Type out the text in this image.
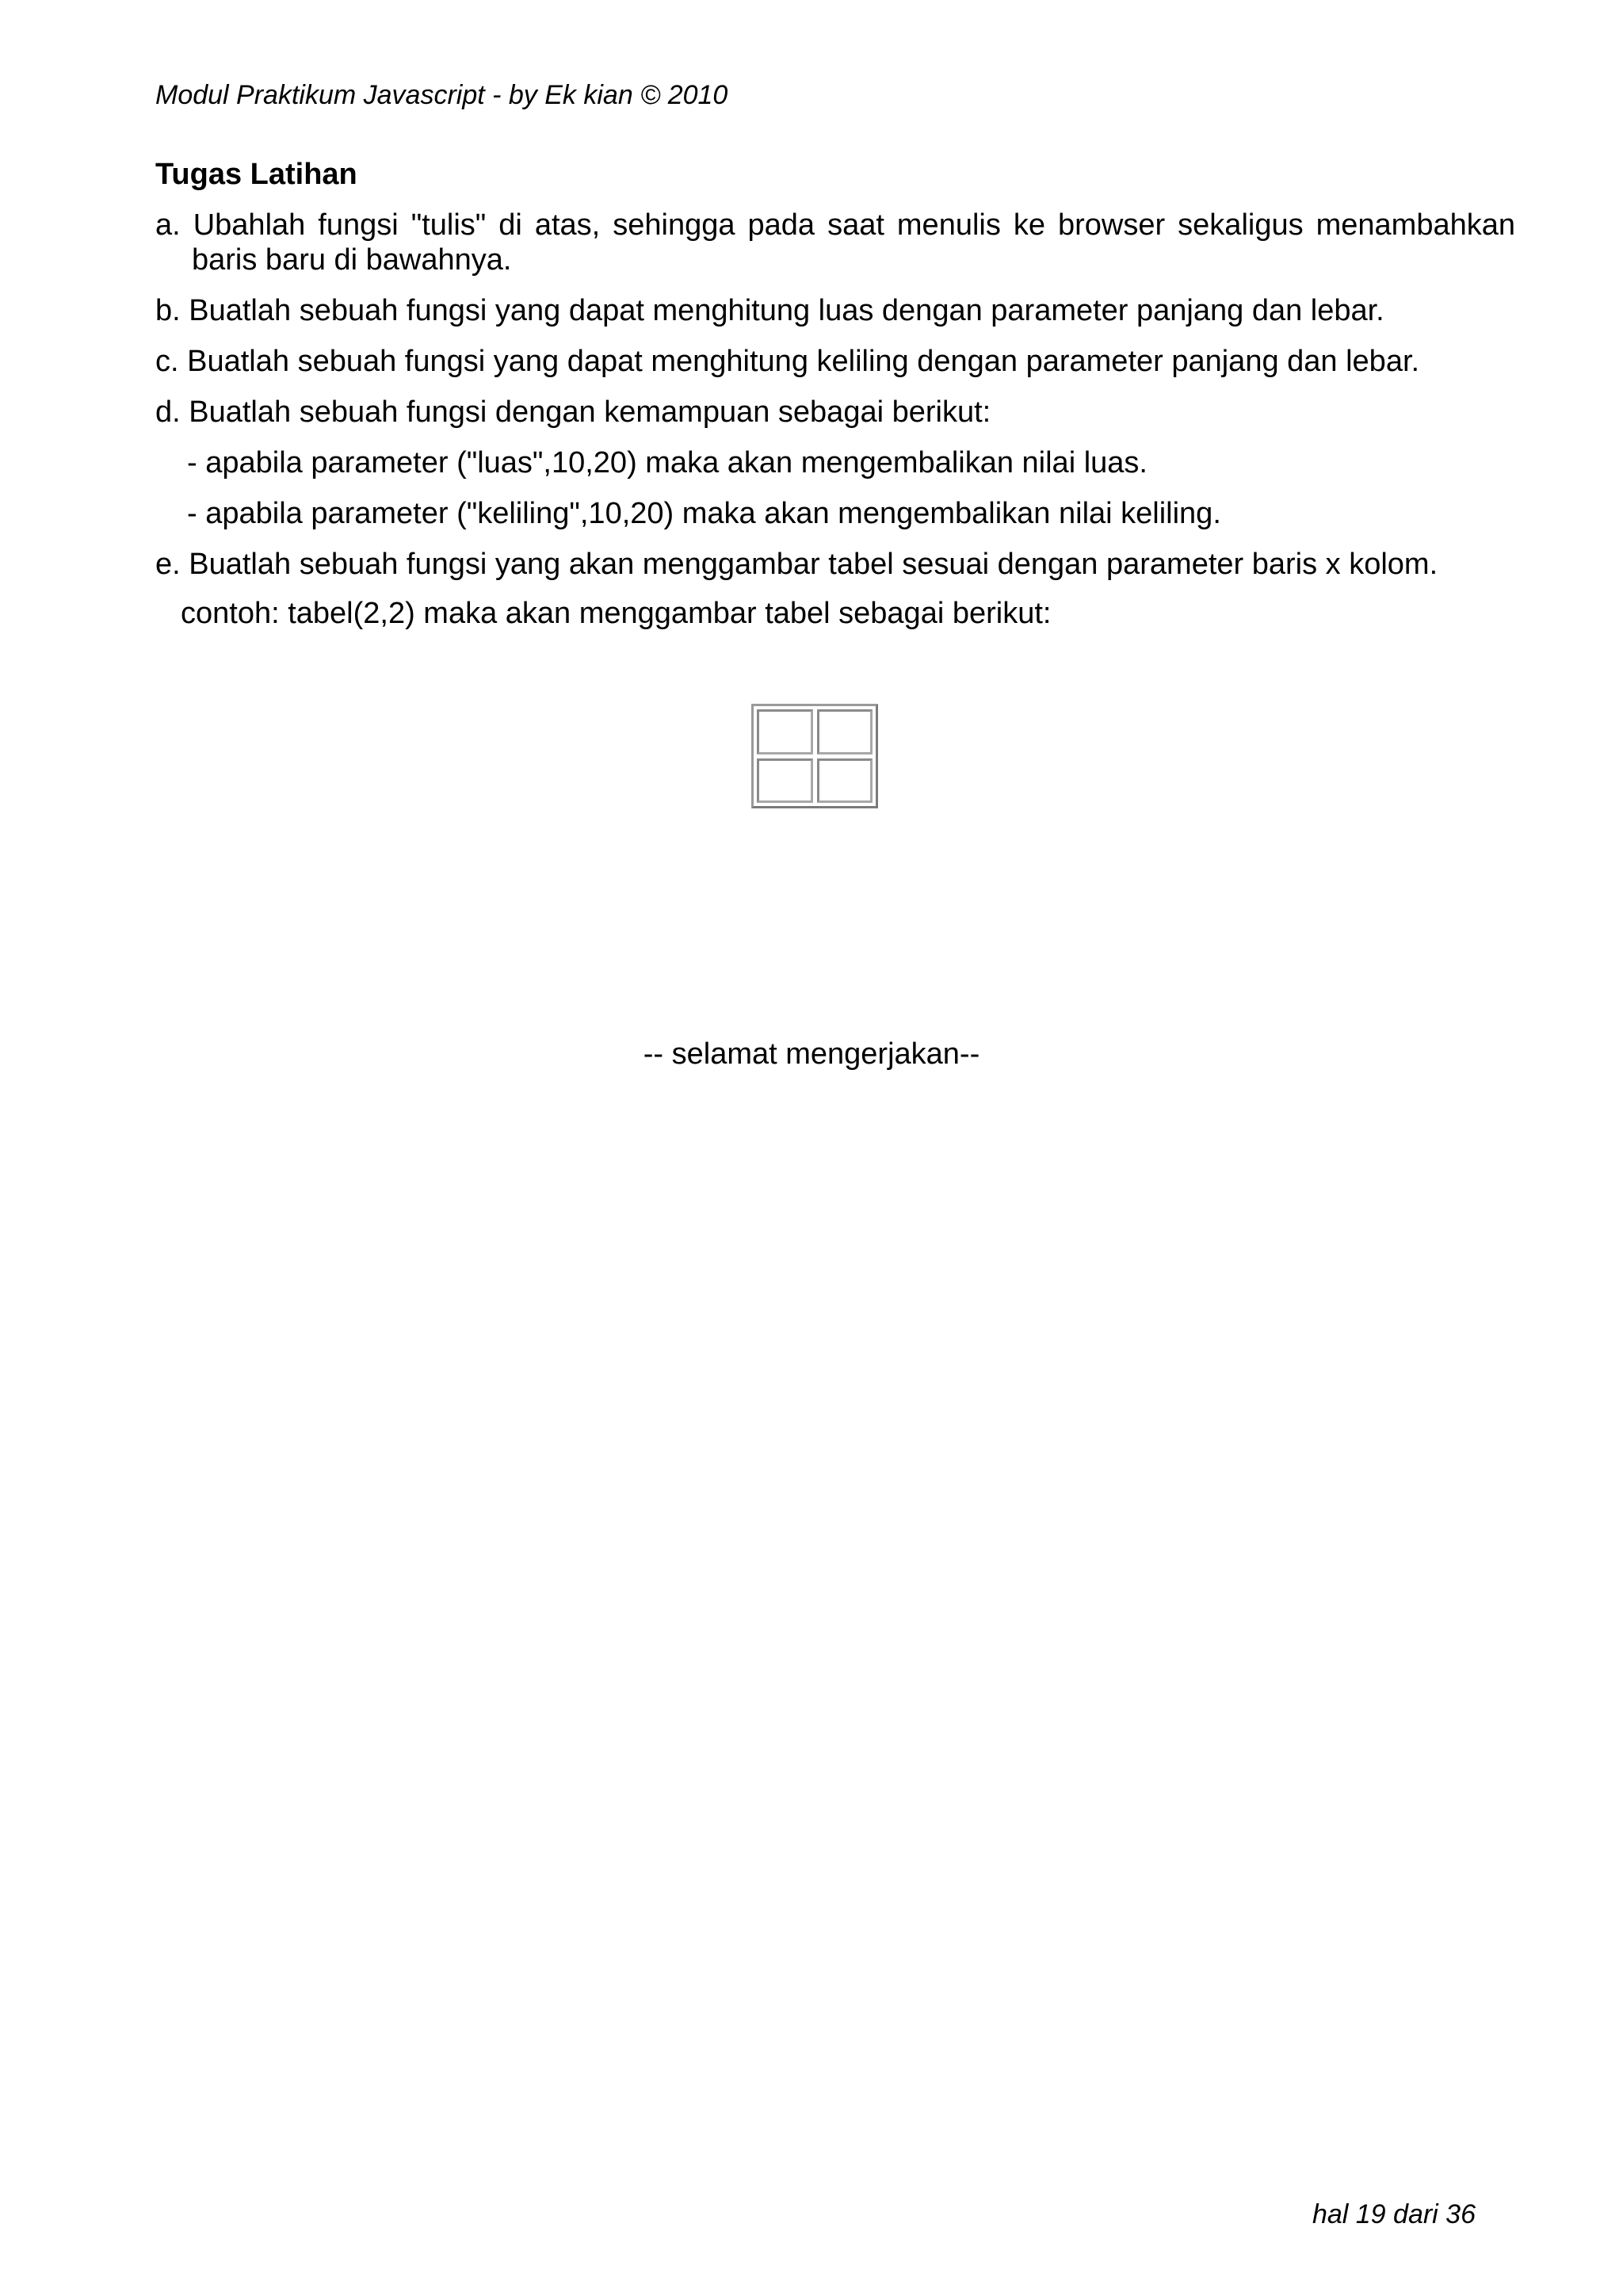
Modul Praktikum Javascript - by Ek kian © 2010
Tugas Latihan
a. Ubahlah fungsi "tulis" di atas, sehingga pada saat menulis ke browser sekaligus menambahkan baris baru di bawahnya.
b. Buatlah sebuah fungsi yang dapat menghitung luas dengan parameter panjang dan lebar.
c. Buatlah sebuah fungsi yang dapat menghitung keliling dengan parameter panjang dan lebar.
d. Buatlah sebuah fungsi dengan kemampuan sebagai berikut:
- apabila parameter ("luas",10,20) maka akan mengembalikan nilai luas.
- apabila parameter ("keliling",10,20) maka akan mengembalikan nilai keliling.
e. Buatlah sebuah fungsi yang akan menggambar tabel sesuai dengan parameter baris x kolom.
contoh: tabel(2,2) maka akan menggambar tabel sebagai berikut:
-- selamat mengerjakan--
hal 19 dari 36
